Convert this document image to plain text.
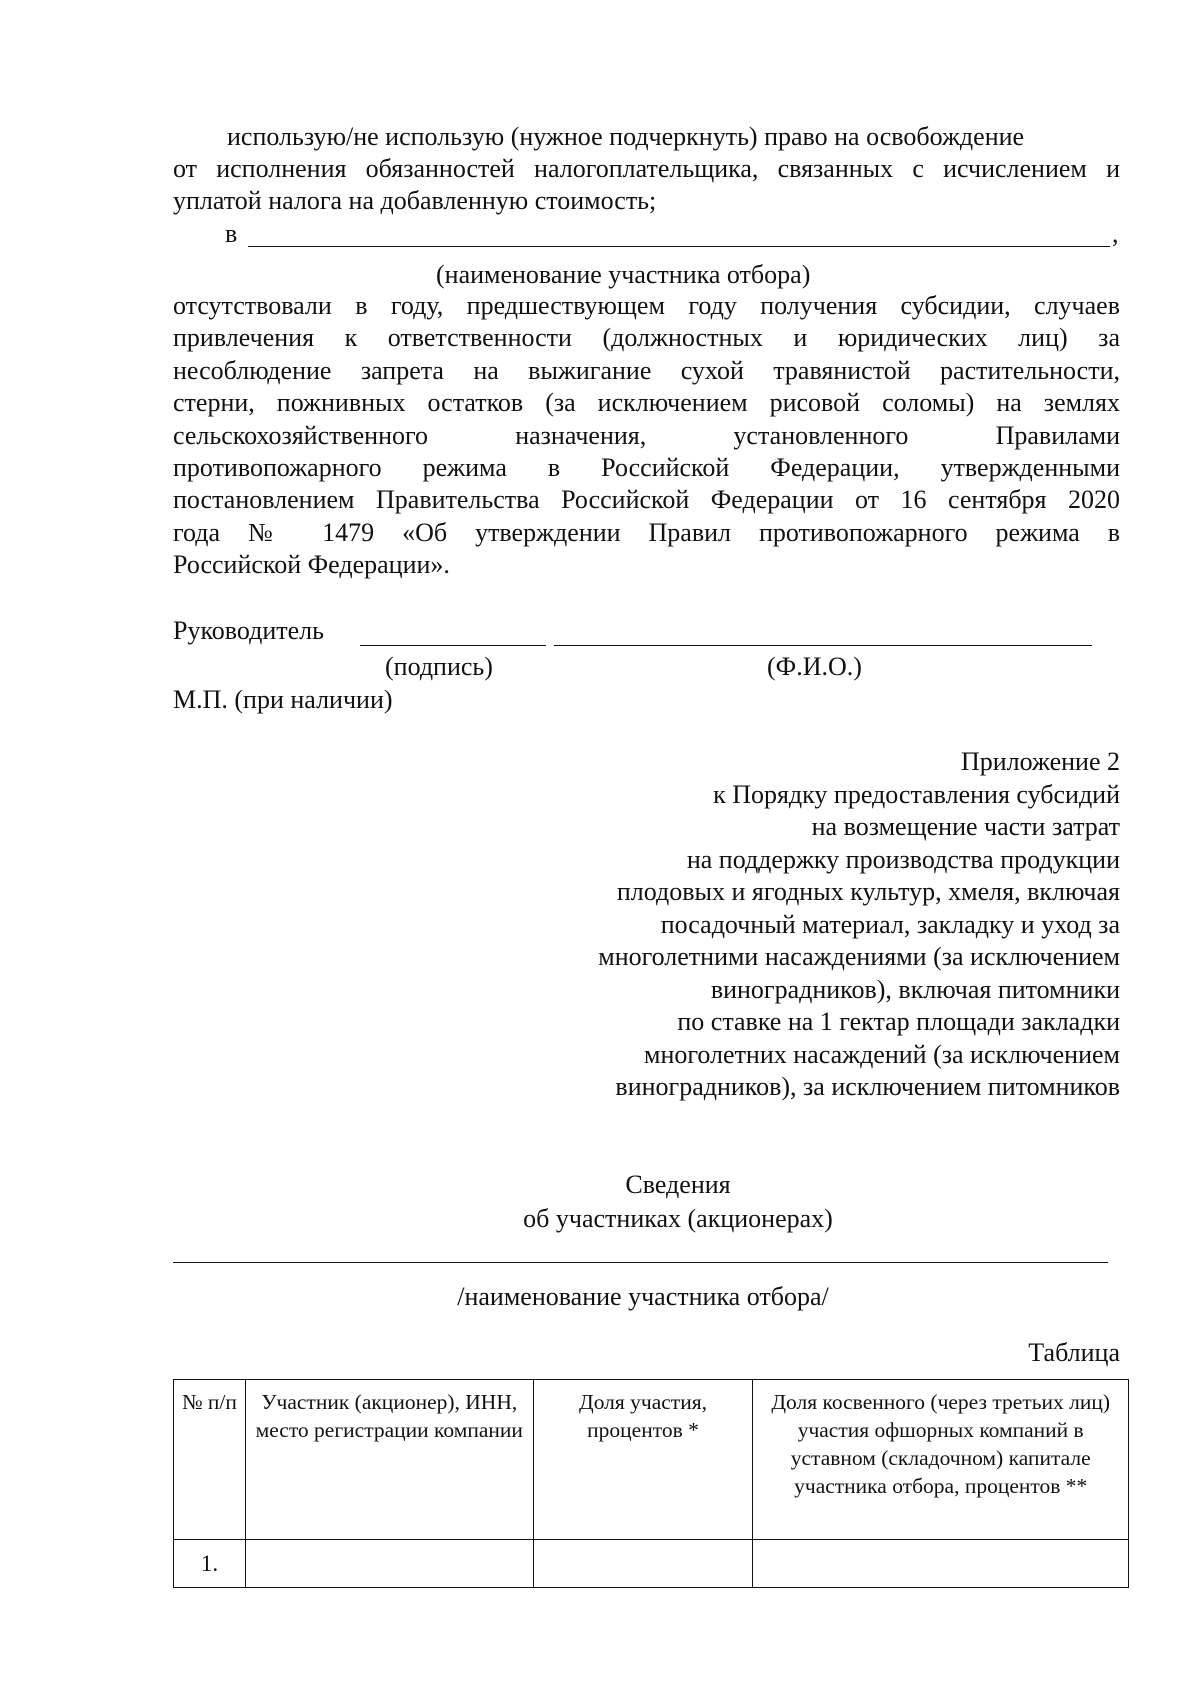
использую/не использую (нужное подчеркнуть) право на освобождение
от исполнения обязанностей налогоплательщика, связанных с исчислением и
уплатой налога на добавленную стоимость;
в	,
(наименование участника отбора)
отсутствовали в году, предшествующем году получения субсидии, случаев
привлечения к ответственности (должностных и юридических лиц) за
несоблюдение запрета на выжигание сухой травянистой растительности,
стерни, пожнивных остатков (за исключением рисовой соломы) на землях
сельскохозяйственного назначения, установленного Правилами
противопожарного режима в Российской Федерации, утвержденными
постановлением Правительства Российской Федерации от 16 сентября 2020
года № 1479 «Об утверждении Правил противопожарного режима в
Российской Федерации».
Руководитель
(подпись)	(Ф.И.О.)
М.П. (при наличии)
Приложение 2
к Порядку предоставления субсидий
на возмещение части затрат
на поддержку производства продукции
плодовых и ягодных культур, хмеля, включая
посадочный материал, закладку и уход за
многолетними насаждениями (за исключением
виноградников), включая питомники
по ставке на 1 гектар площади закладки
многолетних насаждений (за исключением
виноградников), за исключением питомников
Сведения
об участниках (акционерах)
/наименование участника отбора/
Таблица
№ п/п	Участник (акционер), ИНН, место регистрации компании	Доля участия, процентов *	Доля косвенного (через третьих лиц) участия офшорных компаний в уставном (складочном) капитале участника отбора, процентов **
1.			
